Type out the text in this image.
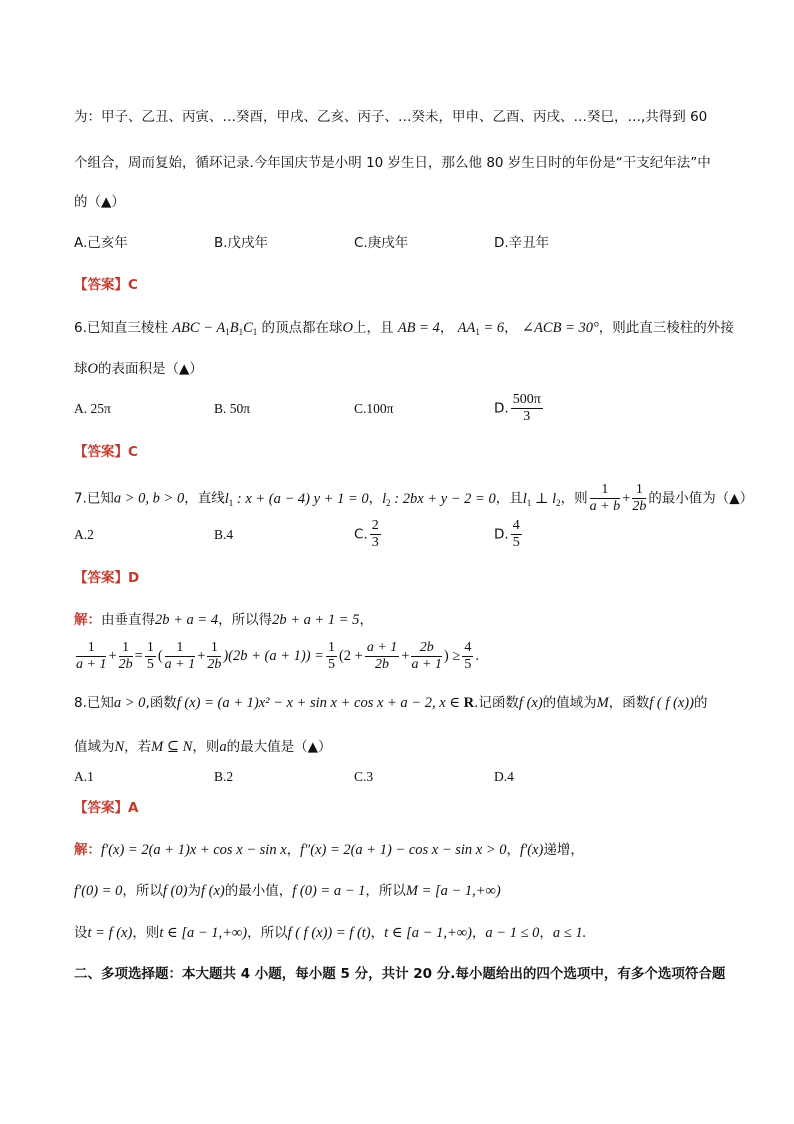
为：甲子、乙丑、丙寅、…癸酉，甲戌、乙亥、丙子、…癸未，甲申、乙酉、丙戌、…癸巳，…,共得到 60
个组合，周而复始，循环记录.今年国庆节是小明 10 岁生日，那么他 80 岁生日时的年份是“干支纪年法”中
的（▲）
A.己亥年	B.戊戌年	C.庚戌年	D.辛丑年
【答案】C
6.已知直三棱柱 ABC − $A_1B_1C_1$ 的顶点都在球O上，且 AB = 4， $AA_1 = 6$， ∠ACB = 30°，则此直三棱柱的外接
球O的表面积是（▲）
A. 25π	B. 50π	C.100π	D. $\frac{500\pi}{3}$
【答案】C
7.已知a > 0, b > 0，直线$l_1$ : x + (a − 4) y + 1 = 0，$l_2$ : 2bx + y − 2 = 0，且$l_1$ ⊥ $l_2$，则 $\frac{1}{a + b} + \frac{1}{2b}$ 的最小值为（▲）
A.2	B.4	C. $\frac{2}{3}$	D. $\frac{4}{5}$
【答案】D
解：由垂直得2b + a = 4，所以得2b + a + 1 = 5，
$\frac{1}{a + 1} + \frac{1}{2b} = \frac{1}{5}$ ( $\frac{1}{a + 1} + \frac{1}{2b} )(2b + (a + 1)) = \frac{1}{5} (2 + \frac{a + 1}{2b} + \frac{2b}{a + 1}$ ) ≥ $\frac{4}{5}$ .
8.已知a > 0,函数f (x) = (a + 1)x² − x + sin x + cos x + a − 2, x ∈ R.记函数f (x)的值域为M，函数f ( f (x))的
值域为N，若M ⊆ N，则a的最大值是（▲）
A.1	B.2	C.3	D.4
【答案】A
解：f′(x) = 2(a + 1)x + cos x − sin x，f″(x) = 2(a + 1) − cos x − sin x > 0，f′(x)递增，
f′(0) = 0，所以f (0)为f (x)的最小值，f (0) = a − 1，所以M = [a − 1,+∞)
设t = f (x)，则t ∈ [a − 1,+∞)，所以f ( f (x)) = f (t)，t ∈ [a − 1,+∞)，a − 1 ≤ 0，a ≤ 1.
二、多项选择题：本大题共 4 小题，每小题 5 分，共计 20 分.每小题给出的四个选项中，有多个选项符合题
